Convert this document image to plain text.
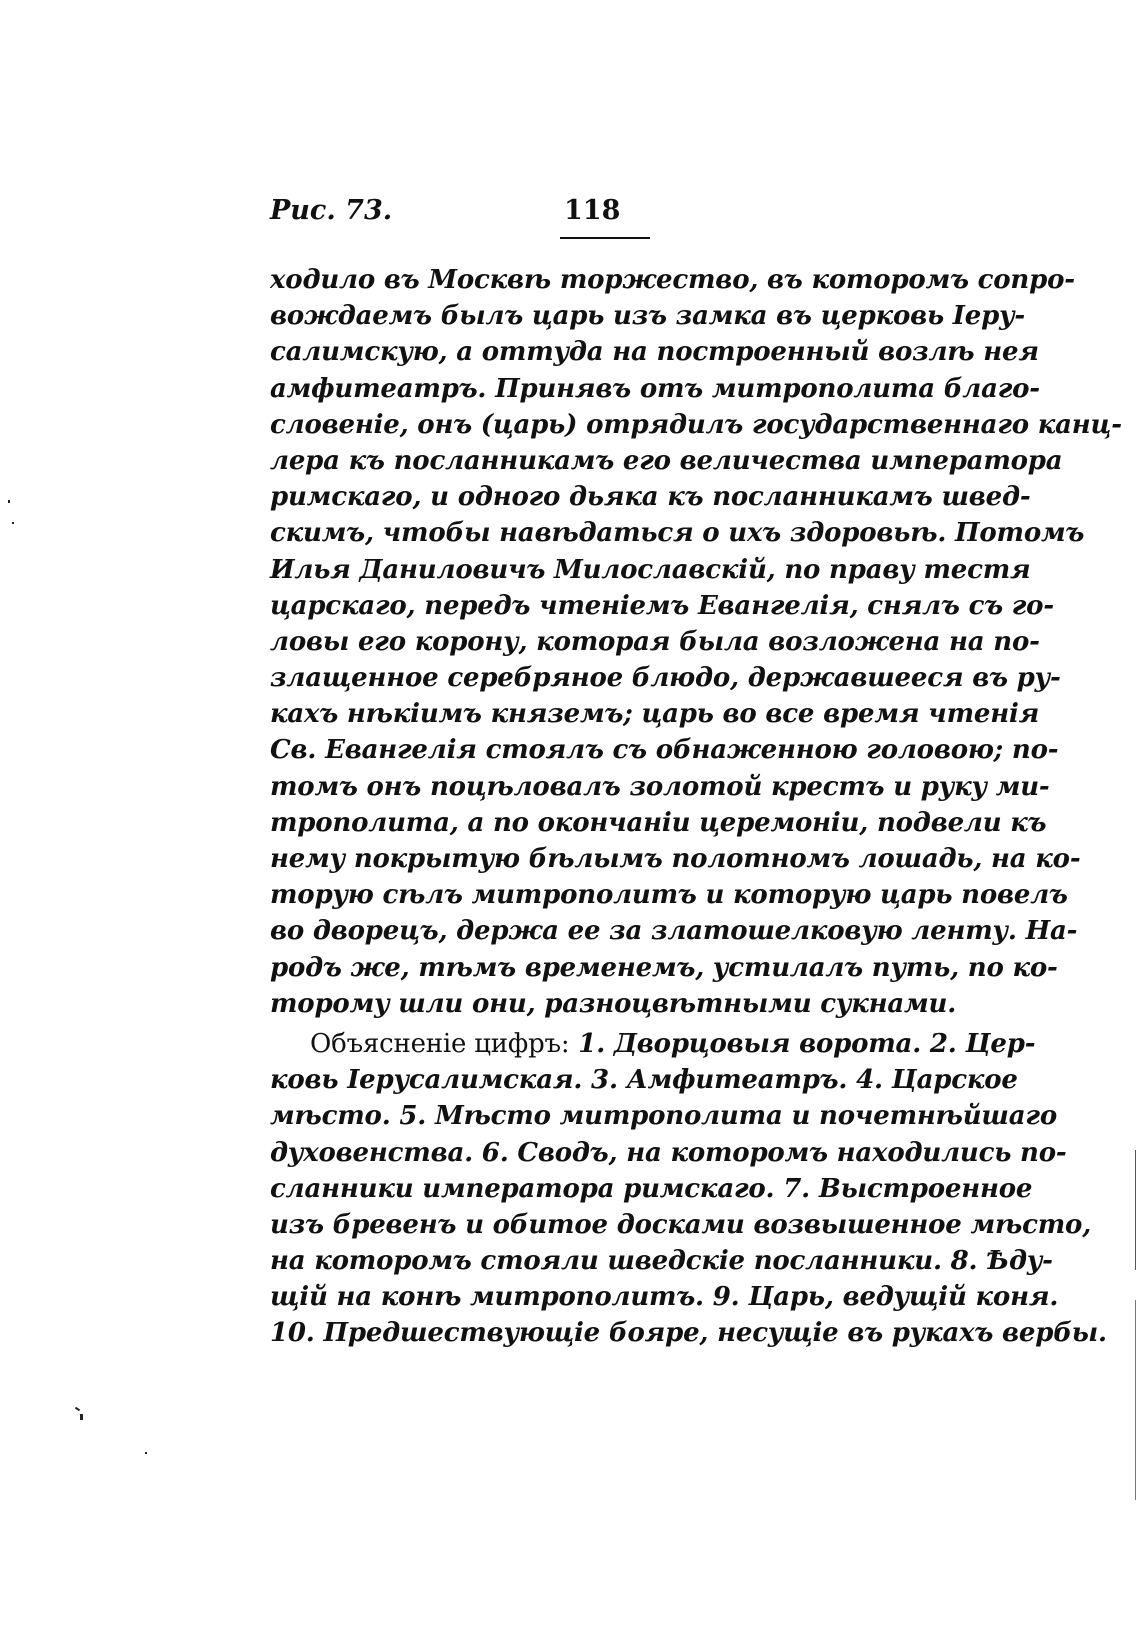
Рис. 73.	118
ходило въ Москвѣ торжество, въ которомъ сопро-
вождаемъ былъ царь изъ замка въ церковь Іеру-
салимскую, а оттуда на построенный возлѣ нея
амфитеатръ. Принявъ отъ митрополита благо-
словеніе, онъ (царь) отрядилъ государственнаго канц-
лера къ посланникамъ его величества императора
римскаго, и одного дьяка къ посланникамъ швед-
скимъ, чтобы навѣдаться о ихъ здоровьѣ. Потомъ
Илья Даниловичъ Милославскій, по праву тестя
царскаго, передъ чтеніемъ Евангелія, снялъ съ го-
ловы его корону, которая была возложена на по-
злащенное серебряное блюдо, державшееся въ ру-
кахъ нѣкіимъ княземъ; царь во все время чтенія
Св. Евангелія стоялъ съ обнаженною головою; по-
томъ онъ поцѣловалъ золотой крестъ и руку ми-
трополита, а по окончаніи церемоніи, подвели къ
нему покрытую бѣлымъ полотномъ лошадь, на ко-
торую сѣлъ митрополитъ и которую царь повелъ
во дворецъ, держа ее за златошелковую ленту. На-
родъ же, тѣмъ временемъ, устилалъ путь, по ко-
торому шли они, разноцвѣтными сукнами.
Объясненіе цифръ: 1. Дворцовыя ворота. 2. Цер-
ковь Іерусалимская. 3. Амфитеатръ. 4. Царское
мѣсто. 5. Мѣсто митрополита и почетнѣйшаго
духовенства. 6. Сводъ, на которомъ находились по-
сланники императора римскаго. 7. Выстроенное
изъ бревенъ и обитое досками возвышенное мѣсто,
на которомъ стояли шведскіе посланники. 8. Ѣду-
щій на конѣ митрополитъ. 9. Царь, ведущій коня.
10. Предшествующіе бояре, несущіе въ рукахъ вербы.
